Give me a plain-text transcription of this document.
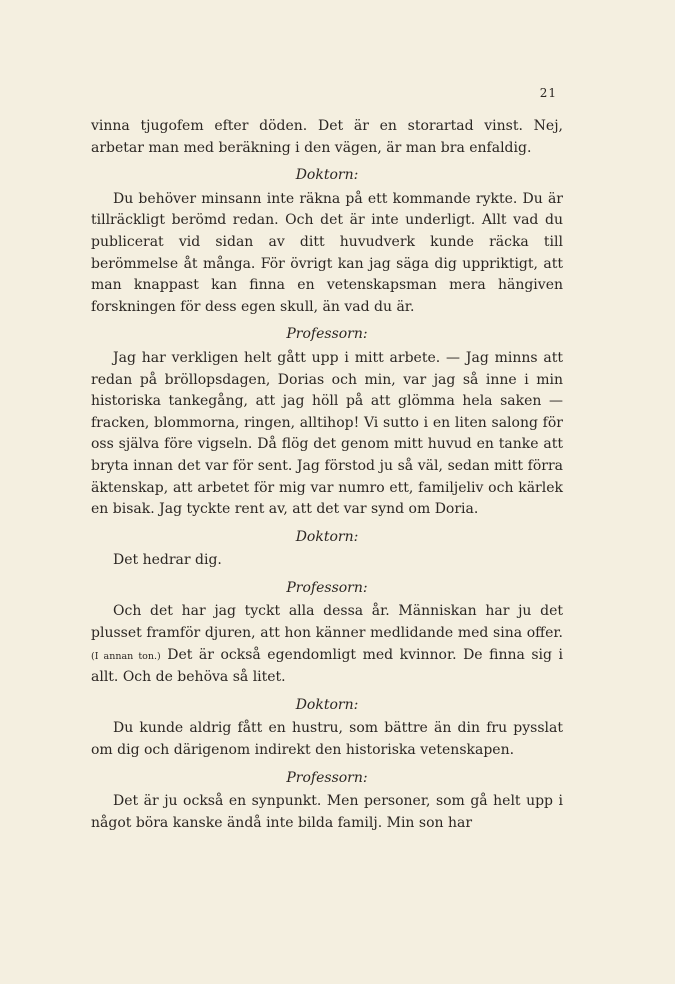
21

vinna tjugofem efter döden. Det är en storartad vinst. Nej, arbetar man med beräkning i den vägen, är man bra enfaldig.

Doktorn:

Du behöver minsann inte räkna på ett kommande rykte. Du är tillräckligt berömd redan. Och det är inte underligt. Allt vad du publicerat vid sidan av ditt huvudverk kunde räcka till berömmelse åt många. För övrigt kan jag säga dig uppriktigt, att man knappast kan finna en vetenskapsman mera hängiven forskningen för dess egen skull, än vad du är.

Professorn:

Jag har verkligen helt gått upp i mitt arbete. — Jag minns att redan på bröllopsdagen, Dorias och min, var jag så inne i min historiska tankegång, att jag höll på att glömma hela saken — fracken, blommorna, ringen, alltihop! Vi sutto i en liten salong för oss själva före vigseln. Då flög det genom mitt huvud en tanke att bryta innan det var för sent. Jag förstod ju så väl, sedan mitt förra äktenskap, att arbetet för mig var numro ett, familjeliv och kärlek en bisak. Jag tyckte rent av, att det var synd om Doria.

Doktorn:

Det hedrar dig.

Professorn:

Och det har jag tyckt alla dessa år. Människan har ju det plusset framför djuren, att hon känner medlidande med sina offer. (I annan ton.) Det är också egendomligt med kvinnor. De finna sig i allt. Och de behöva så litet.

Doktorn:

Du kunde aldrig fått en hustru, som bättre än din fru pysslat om dig och därigenom indirekt den historiska vetenskapen.

Professorn:

Det är ju också en synpunkt. Men personer, som gå helt upp i något böra kanske ändå inte bilda familj. Min son har
